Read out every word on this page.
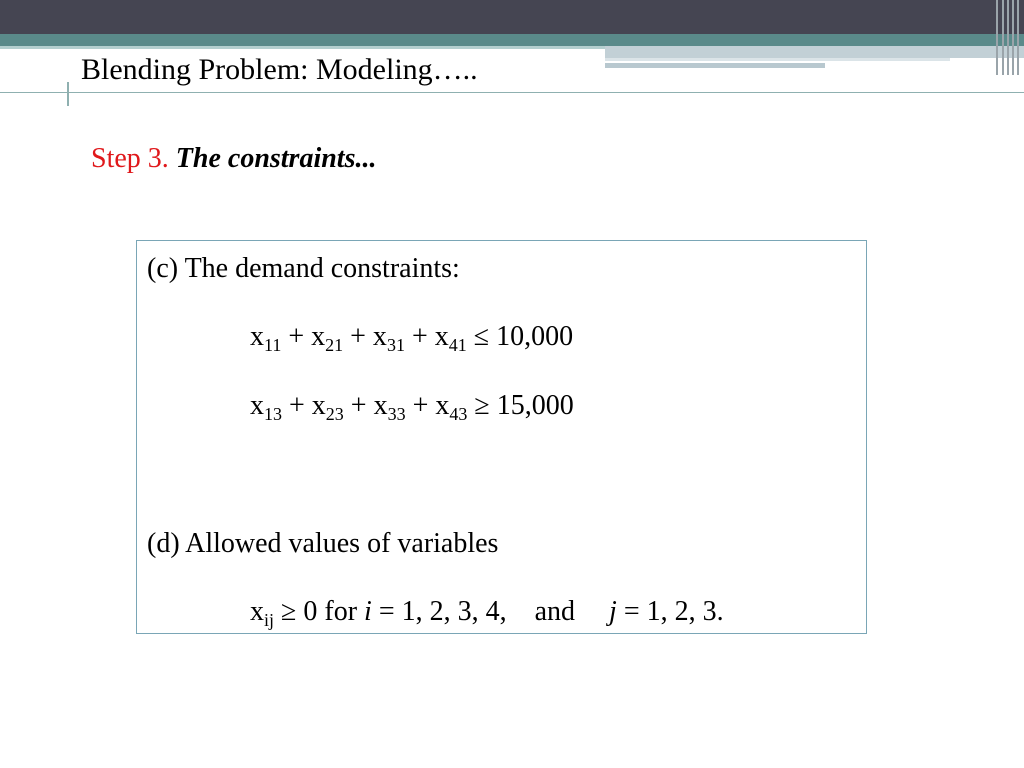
Blending Problem: Modeling…..
Step 3. The constraints...
(c) The demand constraints:
$x_{11} + x_{21} + x_{31} + x_{41} \le 10,000$
$x_{13} + x_{23} + x_{33} + x_{43} \ge 15,000$
(d) Allowed values of variables
$x_{ij} \ge 0$ for i = 1, 2, 3, 4, and j = 1, 2, 3.
